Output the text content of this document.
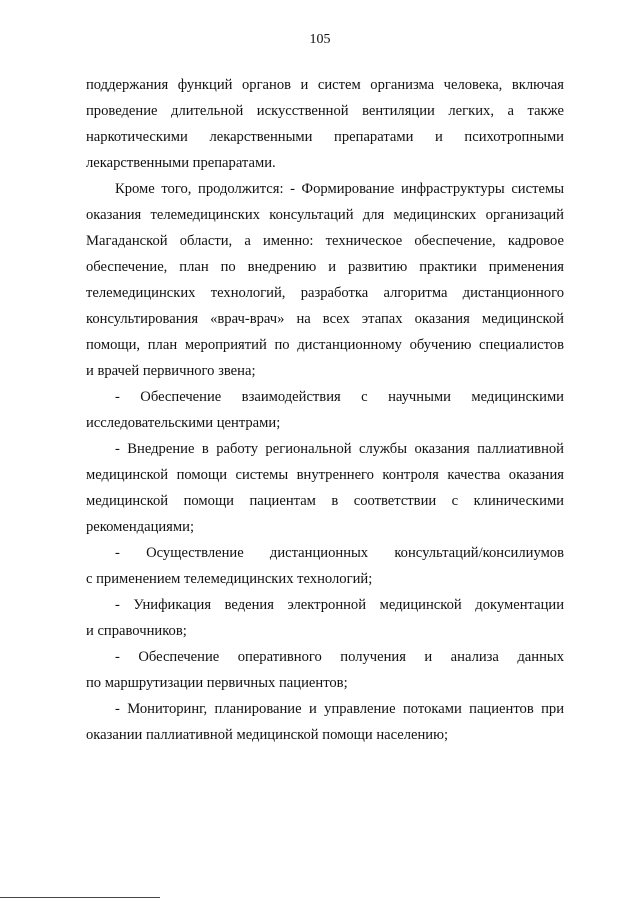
105
поддержания функций органов и систем организма человека, включая
проведение длительной искусственной вентиляции легких, а также
наркотическими лекарственными препаратами и психотропными
лекарственными препаратами.
Кроме того, продолжится: - Формирование инфраструктуры системы
оказания телемедицинских консультаций для медицинских организаций
Магаданской области, а именно: техническое обеспечение, кадровое
обеспечение, план по внедрению и развитию практики применения
телемедицинских технологий, разработка алгоритма дистанционного
консультирования «врач-врач» на всех этапах оказания медицинской
помощи, план мероприятий по дистанционному обучению специалистов
и врачей первичного звена;
- Обеспечение взаимодействия с научными медицинскими
исследовательскими центрами;
- Внедрение в работу региональной службы оказания паллиативной
медицинской помощи системы внутреннего контроля качества оказания
медицинской помощи пациентам в соответствии с клиническими
рекомендациями;
- Осуществление дистанционных консультаций/консилиумов
с применением телемедицинских технологий;
- Унификация ведения электронной медицинской документации
и справочников;
- Обеспечение оперативного получения и анализа данных
по маршрутизации первичных пациентов;
- Мониторинг, планирование и управление потоками пациентов при
оказании паллиативной медицинской помощи населению;
